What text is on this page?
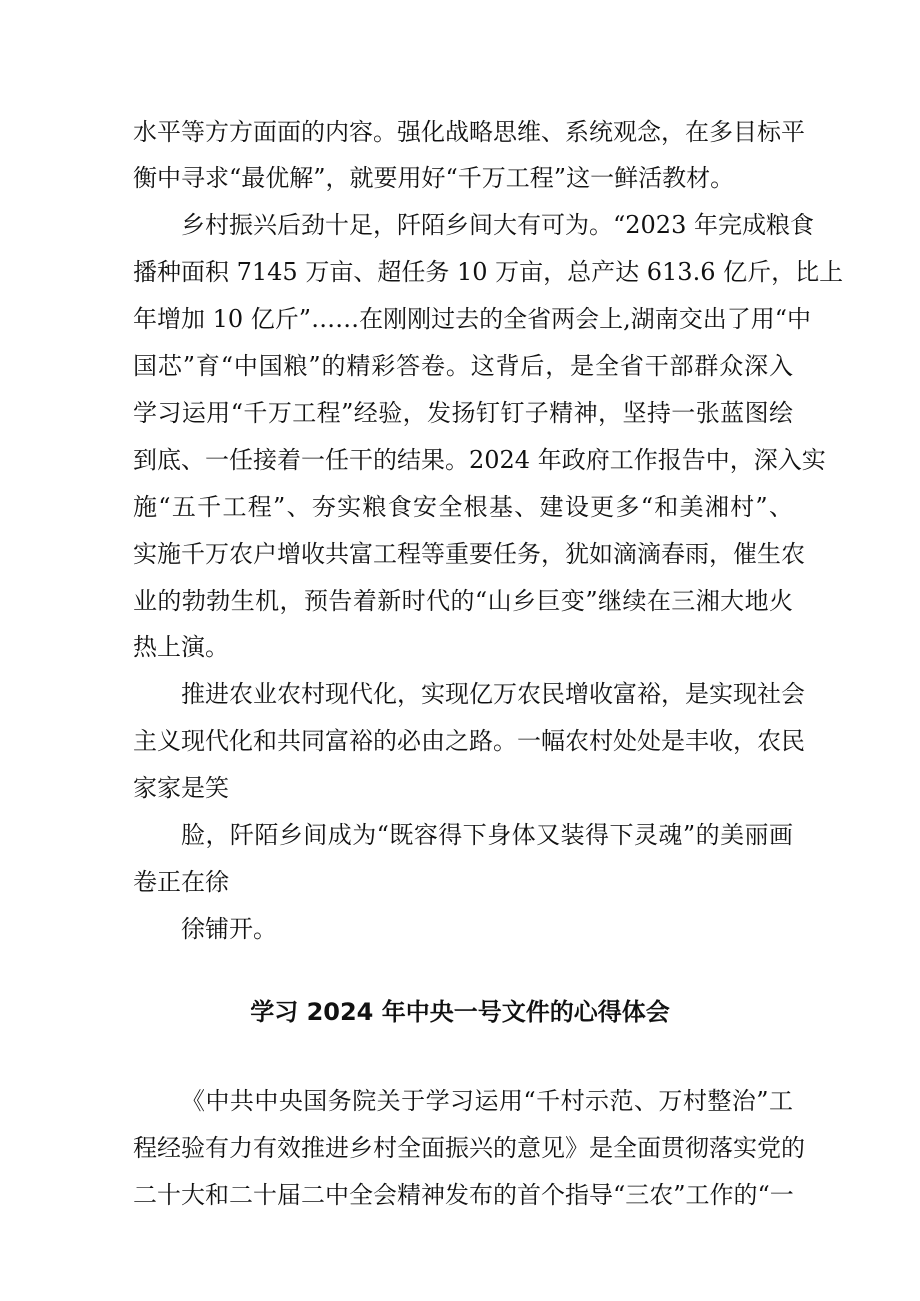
水平等方方面面的内容。强化战略思维、系统观念，在多目标平
衡中寻求“最优解”，就要用好“千万工程”这一鲜活教材。
乡村振兴后劲十足，阡陌乡间大有可为。“2023 年完成粮食
播种面积 7145 万亩、超任务 10 万亩，总产达 613.6 亿斤，比上
年增加 10 亿斤”……在刚刚过去的全省两会上,湖南交出了用“中
国芯”育“中国粮”的精彩答卷。这背后，是全省干部群众深入
学习运用“千万工程”经验，发扬钉钉子精神，坚持一张蓝图绘
到底、一任接着一任干的结果。2024 年政府工作报告中，深入实
施“五千工程”、夯实粮食安全根基、建设更多“和美湘村”、
实施千万农户增收共富工程等重要任务，犹如滴滴春雨，催生农
业的勃勃生机，预告着新时代的“山乡巨变”继续在三湘大地火
热上演。
推进农业农村现代化，实现亿万农民增收富裕，是实现社会
主义现代化和共同富裕的必由之路。一幅农村处处是丰收，农民
家家是笑
脸，阡陌乡间成为“既容得下身体又装得下灵魂”的美丽画
卷正在徐
徐铺开。
学习 2024 年中央一号文件的心得体会
《中共中央国务院关于学习运用“千村示范、万村整治”工
程经验有力有效推进乡村全面振兴的意见》是全面贯彻落实党的
二十大和二十届二中全会精神发布的首个指导“三农”工作的“一
